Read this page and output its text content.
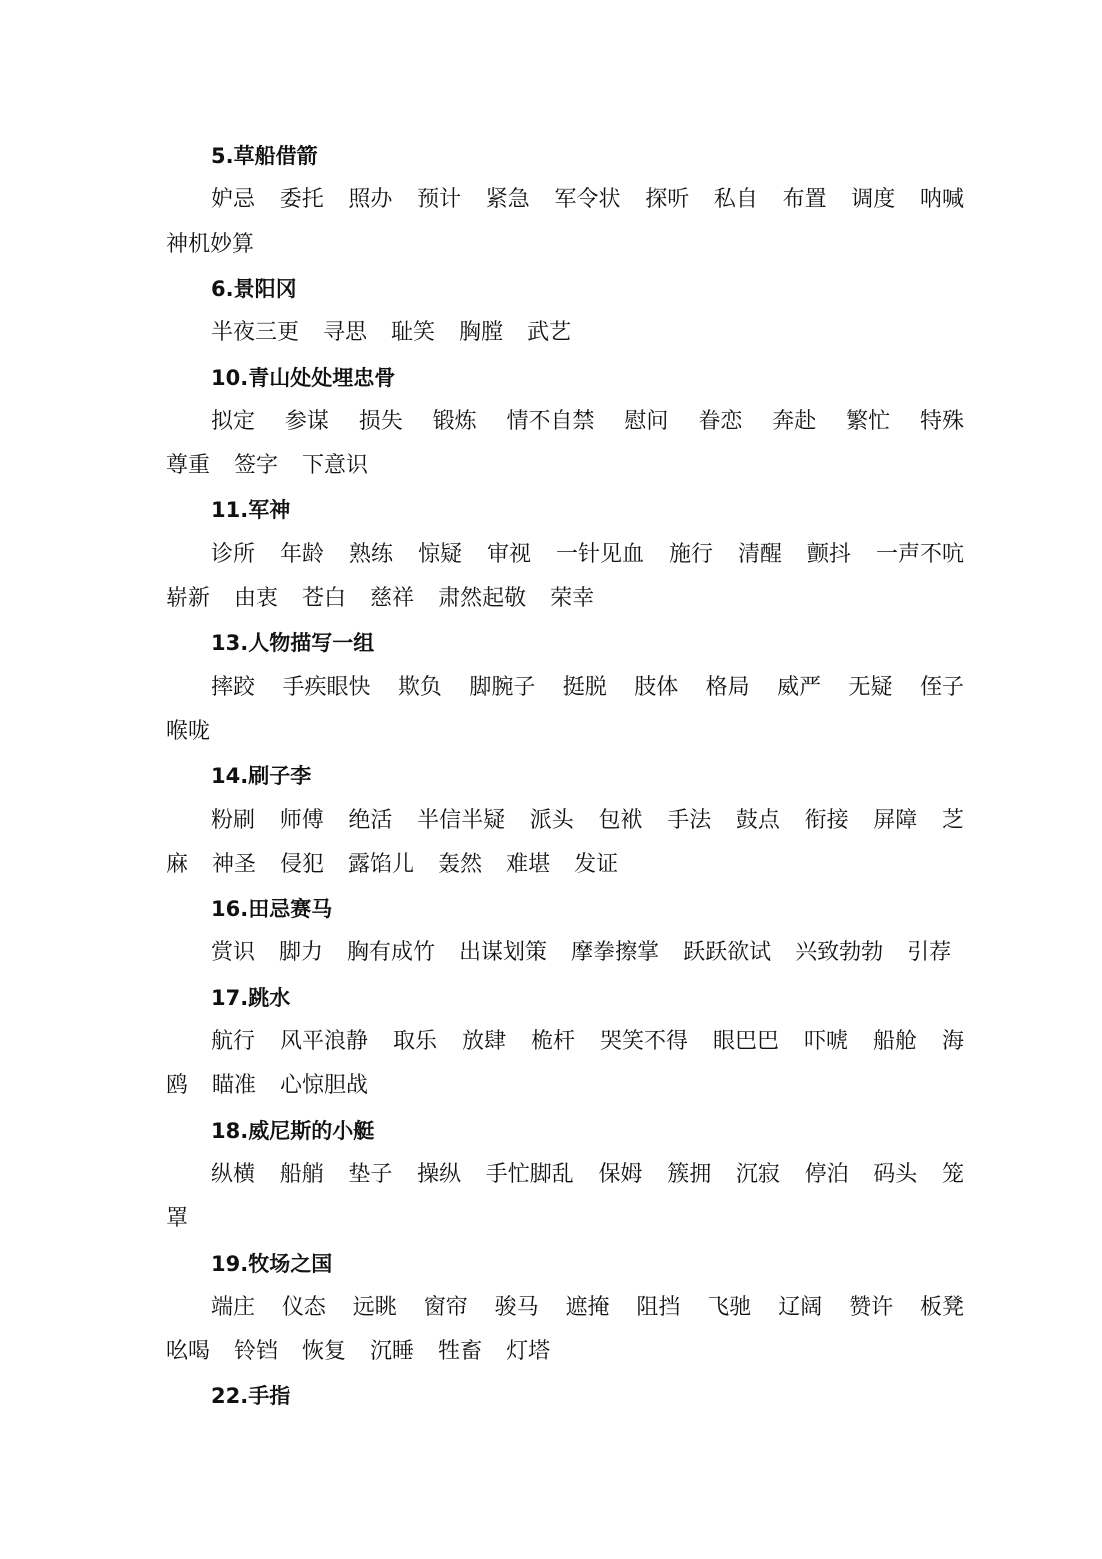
5.草船借箭
妒忌 委托 照办 预计 紧急 军令状 探听 私自 布置 调度 呐喊
神机妙算
6.景阳冈
半夜三更 寻思 耻笑 胸膛 武艺
10.青山处处埋忠骨
拟定 参谋 损失 锻炼 情不自禁 慰问 眷恋 奔赴 繁忙 特殊
尊重 签字 下意识
11.军神
诊所 年龄 熟练 惊疑 审视 一针见血 施行 清醒 颤抖 一声不吭
崭新 由衷 苍白 慈祥 肃然起敬 荣幸
13.人物描写一组
摔跤 手疾眼快 欺负 脚腕子 挺脱 肢体 格局 威严 无疑 侄子
喉咙
14.刷子李
粉刷 师傅 绝活 半信半疑 派头 包袱 手法 鼓点 衔接 屏障 芝
麻 神圣 侵犯 露馅儿 轰然 难堪 发证
16.田忌赛马
赏识 脚力 胸有成竹 出谋划策 摩拳擦掌 跃跃欲试 兴致勃勃 引荐
17.跳水
航行 风平浪静 取乐 放肆 桅杆 哭笑不得 眼巴巴 吓唬 船舱 海
鸥 瞄准 心惊胆战
18.威尼斯的小艇
纵横 船艄 垫子 操纵 手忙脚乱 保姆 簇拥 沉寂 停泊 码头 笼
罩
19.牧场之国
端庄 仪态 远眺 窗帘 骏马 遮掩 阻挡 飞驰 辽阔 赞许 板凳
吆喝 铃铛 恢复 沉睡 牲畜 灯塔
22.手指
